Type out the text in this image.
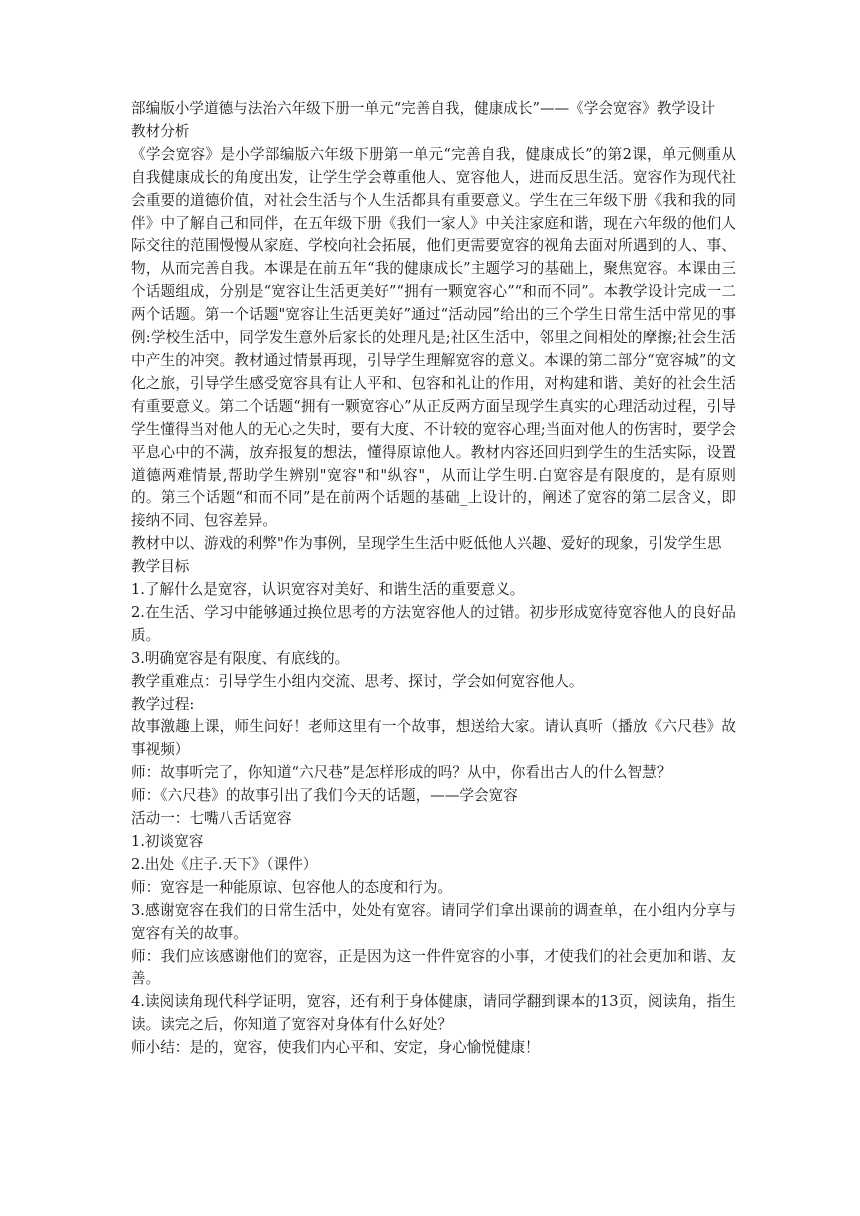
部编版小学道德与法治六年级下册一单元“完善自我，健康成长”——《学会宽容》教学设计

教材分析

《学会宽容》是小学部编版六年级下册第一单元“完善自我，健康成长”的第2课，单元侧重从自我健康成长的角度出发，让学生学会尊重他人、宽容他人，进而反思生活。宽容作为现代社会重要的道德价值，对社会生活与个人生活都具有重要意义。学生在三年级下册《我和我的同伴》中了解自己和同伴，在五年级下册《我们一家人》中关注家庭和谐，现在六年级的他们人际交往的范围慢慢从家庭、学校向社会拓展，他们更需要宽容的视角去面对所遇到的人、事、物，从而完善自我。本课是在前五年“我的健康成长”主题学习的基础上，聚焦宽容。本课由三个话题组成，分别是“宽容让生活更美好”“拥有一颗宽容心”“和而不同”。本教学设计完成一二两个话题。第一个话题"宽容让生活更美好”通过“活动园”给出的三个学生日常生活中常见的事例:学校生活中，同学发生意外后家长的处理凡是;社区生活中，邻里之间相处的摩擦;社会生活中产生的冲突。教材通过情景再现，引导学生理解宽容的意义。本课的第二部分“宽容城”的文化之旅，引导学生感受宽容具有让人平和、包容和礼让的作用，对构建和谐、美好的社会生活有重要意义。第二个话题“拥有一颗宽容心”从正反两方面呈现学生真实的心理活动过程，引导学生懂得当对他人的无心之失时，要有大度、不计较的宽容心理;当面对他人的伤害时，要学会平息心中的不满，放弃报复的想法，懂得原谅他人。教材内容还回归到学生的生活实际，设置道德两难情景,帮助学生辨别"宽容"和"纵容"，从而让学生明.白宽容是有限度的，是有原则的。第三个话题“和而不同”是在前两个话题的基础_上设计的，阐述了宽容的第二层含义，即接纳不同、包容差异。

教材中以、游戏的利弊"作为事例，呈现学生生活中贬低他人兴趣、爱好的现象，引发学生思

教学目标

1.了解什么是宽容，认识宽容对美好、和谐生活的重要意义。

2.在生活、学习中能够通过换位思考的方法宽容他人的过错。初步形成宽待宽容他人的良好品质。

3.明确宽容是有限度、有底线的。

教学重难点：引导学生小组内交流、思考、探讨，学会如何宽容他人。

教学过程:

故事激趣上课，师生问好！老师这里有一个故事，想送给大家。请认真听（播放《六尺巷》故事视频）

师：故事听完了，你知道“六尺巷”是怎样形成的吗？从中，你看出古人的什么智慧？

师：《六尺巷》的故事引出了我们今天的话题，——学会宽容

活动一：七嘴八舌话宽容

1.初谈宽容

2.出处《庄子.天下》（课件）

师：宽容是一种能原谅、包容他人的态度和行为。

3.感谢宽容在我们的日常生活中，处处有宽容。请同学们拿出课前的调查单，在小组内分享与宽容有关的故事。

师：我们应该感谢他们的宽容，正是因为这一件件宽容的小事，才使我们的社会更加和谐、友善。

4.读阅读角现代科学证明，宽容，还有利于身体健康，请同学翻到课本的13页，阅读角，指生读。读完之后，你知道了宽容对身体有什么好处？

师小结：是的，宽容，使我们内心平和、安定，身心愉悦健康！
